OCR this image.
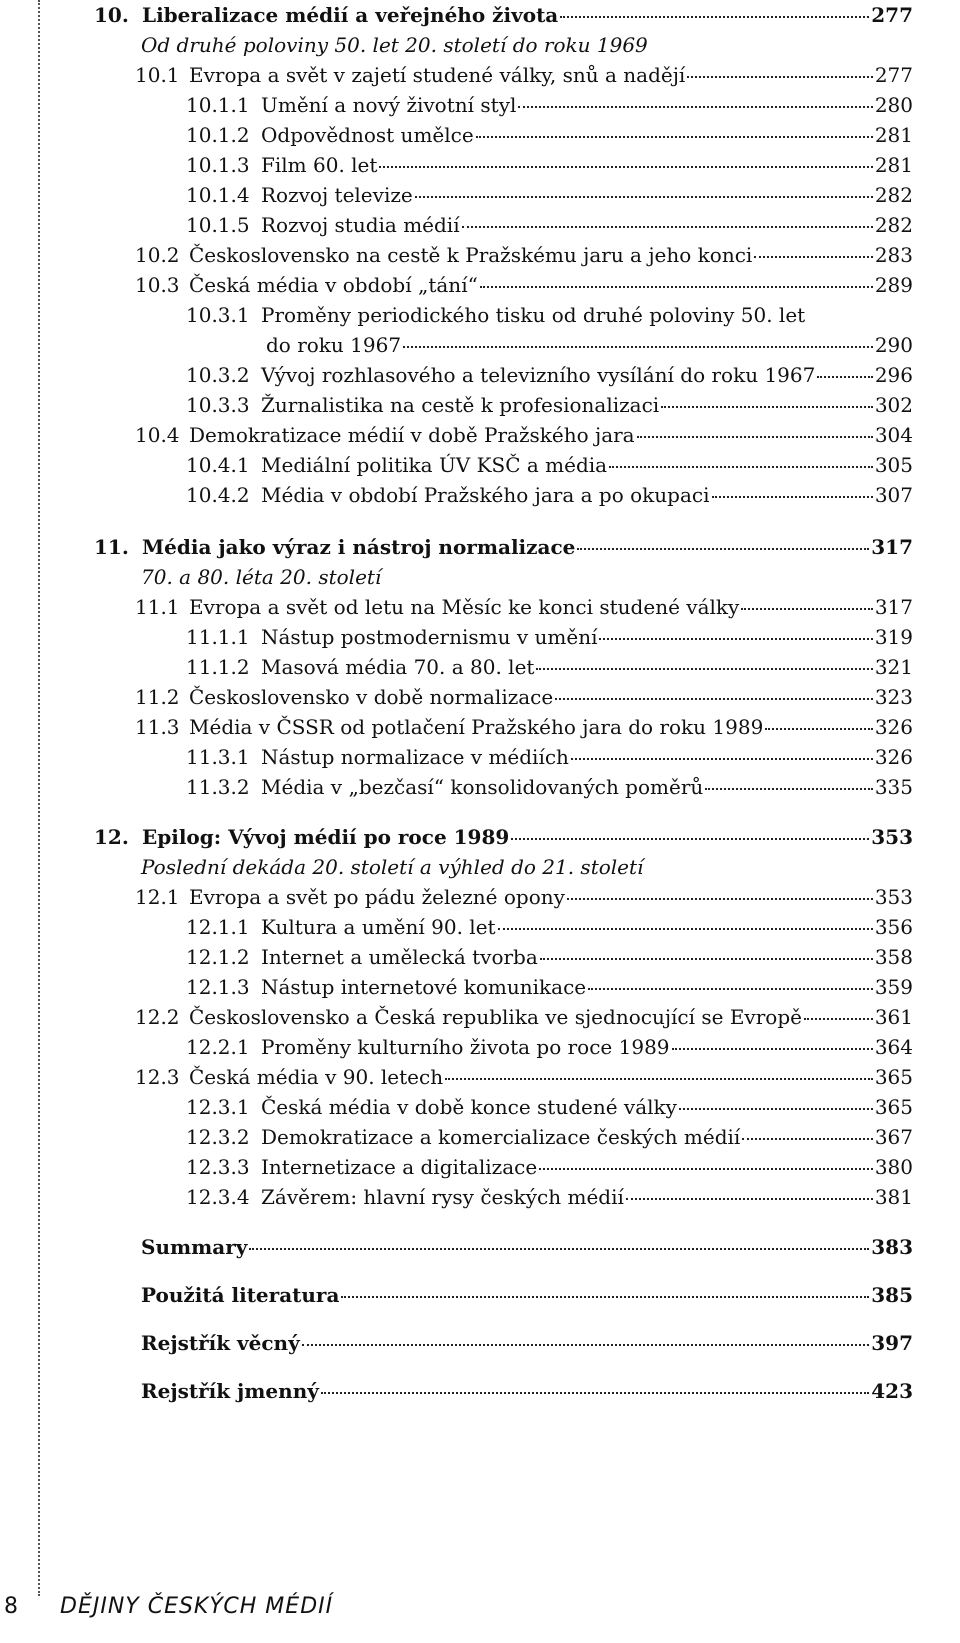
10. Liberalizace médií a veřejného života	277
Od druhé poloviny 50. let 20. století do roku 1969
10.1 Evropa a svět v zajetí studené války, snů a nadějí	277
10.1.1 Umění a nový životní styl	280
10.1.2 Odpovědnost umělce	281
10.1.3 Film 60. let	281
10.1.4 Rozvoj televize	282
10.1.5 Rozvoj studia médií	282
10.2 Československo na cestě k Pražskému jaru a jeho konci	283
10.3 Česká média v období „tání“	289
10.3.1 Proměny periodického tisku od druhé poloviny 50. let
do roku 1967	290
10.3.2 Vývoj rozhlasového a televizního vysílání do roku 1967	296
10.3.3 Žurnalistika na cestě k profesionalizaci	302
10.4 Demokratizace médií v době Pražského jara	304
10.4.1 Mediální politika ÚV KSČ a média	305
10.4.2 Média v období Pražského jara a po okupaci	307
11. Média jako výraz i nástroj normalizace	317
70. a 80. léta 20. století
11.1 Evropa a svět od letu na Měsíc ke konci studené války	317
11.1.1 Nástup postmodernismu v umění	319
11.1.2 Masová média 70. a 80. let	321
11.2 Československo v době normalizace	323
11.3 Média v ČSSR od potlačení Pražského jara do roku 1989	326
11.3.1 Nástup normalizace v médiích	326
11.3.2 Média v „bezčasí“ konsolidovaných poměrů	335
12. Epilog: Vývoj médií po roce 1989	353
Poslední dekáda 20. století a výhled do 21. století
12.1 Evropa a svět po pádu železné opony	353
12.1.1 Kultura a umění 90. let	356
12.1.2 Internet a umělecká tvorba	358
12.1.3 Nástup internetové komunikace	359
12.2 Československo a Česká republika ve sjednocující se Evropě	361
12.2.1 Proměny kulturního života po roce 1989	364
12.3 Česká média v 90. letech	365
12.3.1 Česká média v době konce studené války	365
12.3.2 Demokratizace a komercializace českých médií	367
12.3.3 Internetizace a digitalizace	380
12.3.4 Závěrem: hlavní rysy českých médií	381
Summary	383
Použitá literatura	385
Rejstřík věcný	397
Rejstřík jmenný	423
8 DĚJINY ČESKÝCH MÉDIÍ
